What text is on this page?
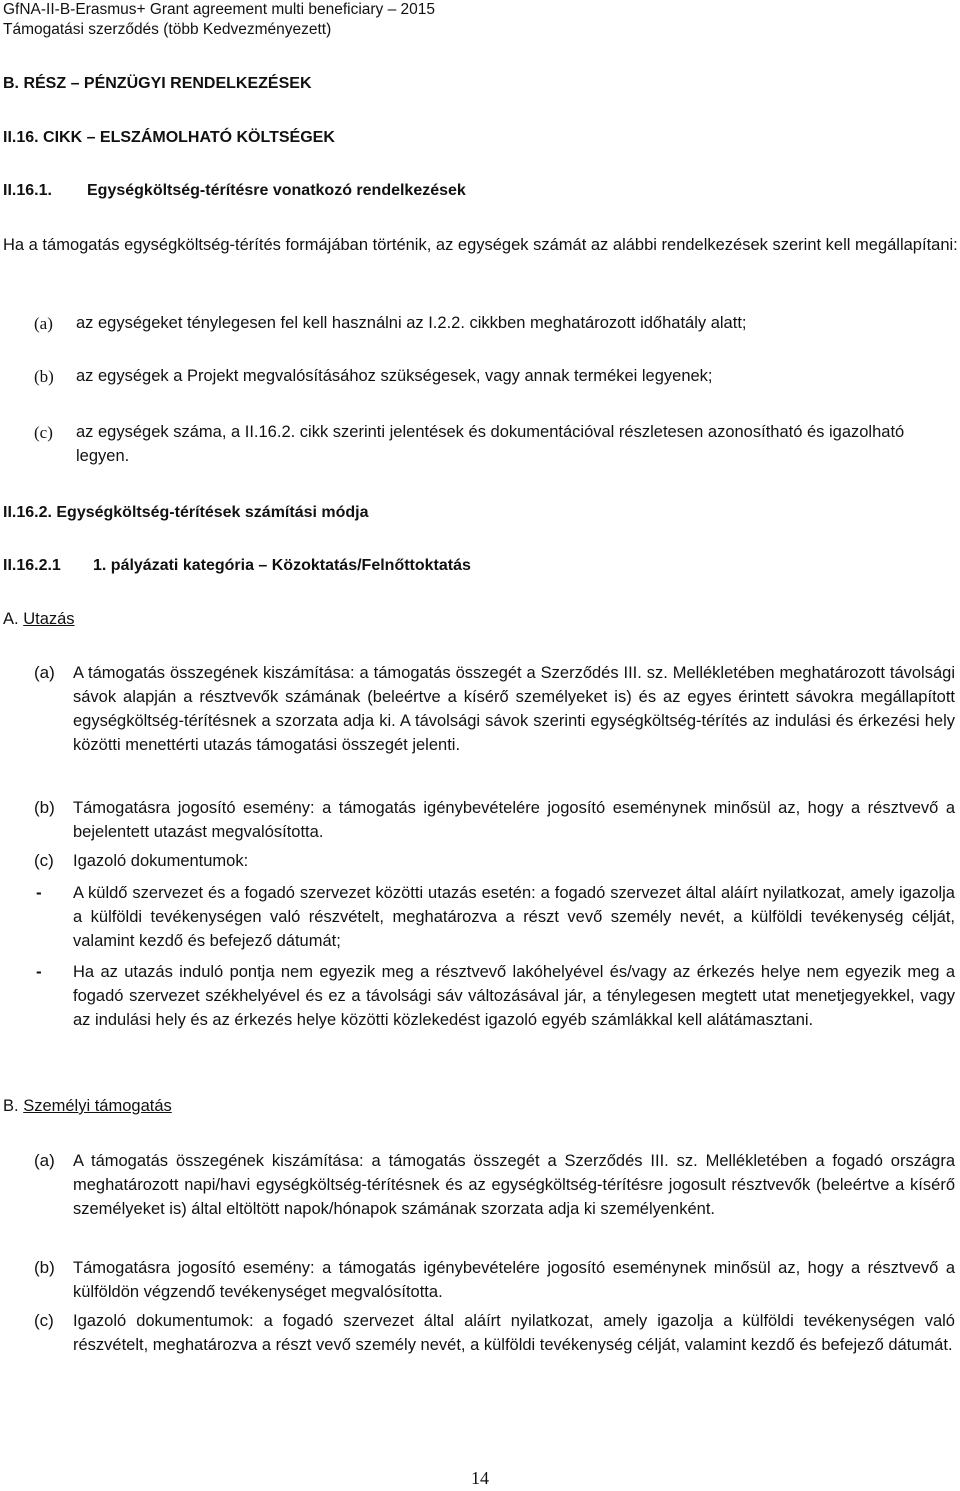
GfNA-II-B-Erasmus+ Grant agreement multi beneficiary – 2015
Támogatási szerződés (több Kedvezményezett)
B. RÉSZ – PÉNZÜGYI RENDELKEZÉSEK
II.16. CIKK – ELSZÁMOLHATÓ KÖLTSÉGEK
II.16.1. Egységköltség-térítésre vonatkozó rendelkezések
Ha a támogatás egységköltség-térítés formájában történik, az egységek számát az alábbi rendelkezések szerint kell megállapítani:
(a) az egységeket ténylegesen fel kell használni az I.2.2. cikkben meghatározott időhatály alatt;
(b) az egységek a Projekt megvalósításához szükségesek, vagy annak termékei legyenek;
(c) az egységek száma, a II.16.2. cikk szerinti jelentések és dokumentációval részletesen azonosítható és igazolható legyen.
II.16.2. Egységköltség-térítések számítási módja
II.16.2.1 1. pályázati kategória – Közoktatás/Felnőttoktatás
A. Utazás
(a) A támogatás összegének kiszámítása: a támogatás összegét a Szerződés III. sz. Mellékletében meghatározott távolsági sávok alapján a résztvevők számának (beleértve a kísérő személyeket is) és az egyes érintett sávokra megállapított egységköltség-térítésnek a szorzata adja ki. A távolsági sávok szerinti egységköltség-térítés az indulási és érkezési hely közötti menettérti utazás támogatási összegét jelenti.
(b) Támogatásra jogosító esemény: a támogatás igénybevételére jogosító eseménynek minősül az, hogy a résztvevő a bejelentett utazást megvalósította.
(c) Igazoló dokumentumok:
- A küldő szervezet és a fogadó szervezet közötti utazás esetén: a fogadó szervezet által aláírt nyilatkozat, amely igazolja a külföldi tevékenységen való részvételt, meghatározva a részt vevő személy nevét, a külföldi tevékenység célját, valamint kezdő és befejező dátumát;
- Ha az utazás induló pontja nem egyezik meg a résztvevő lakóhelyével és/vagy az érkezés helye nem egyezik meg a fogadó szervezet székhelyével és ez a távolsági sáv változásával jár, a ténylegesen megtett utat menetjegyekkel, vagy az indulási hely és az érkezés helye közötti közlekedést igazoló egyéb számlákkal kell alátámasztani.
B. Személyi támogatás
(a) A támogatás összegének kiszámítása: a támogatás összegét a Szerződés III. sz. Mellékletében a fogadó országra meghatározott napi/havi egységköltség-térítésnek és az egységköltség-térítésre jogosult résztvevők (beleértve a kísérő személyeket is) által eltöltött napok/hónapok számának szorzata adja ki személyenként.
(b) Támogatásra jogosító esemény: a támogatás igénybevételére jogosító eseménynek minősül az, hogy a résztvevő a külföldön végzendő tevékenységet megvalósította.
(c) Igazoló dokumentumok: a fogadó szervezet által aláírt nyilatkozat, amely igazolja a külföldi tevékenységen való részvételt, meghatározva a részt vevő személy nevét, a külföldi tevékenység célját, valamint kezdő és befejező dátumát.
14
